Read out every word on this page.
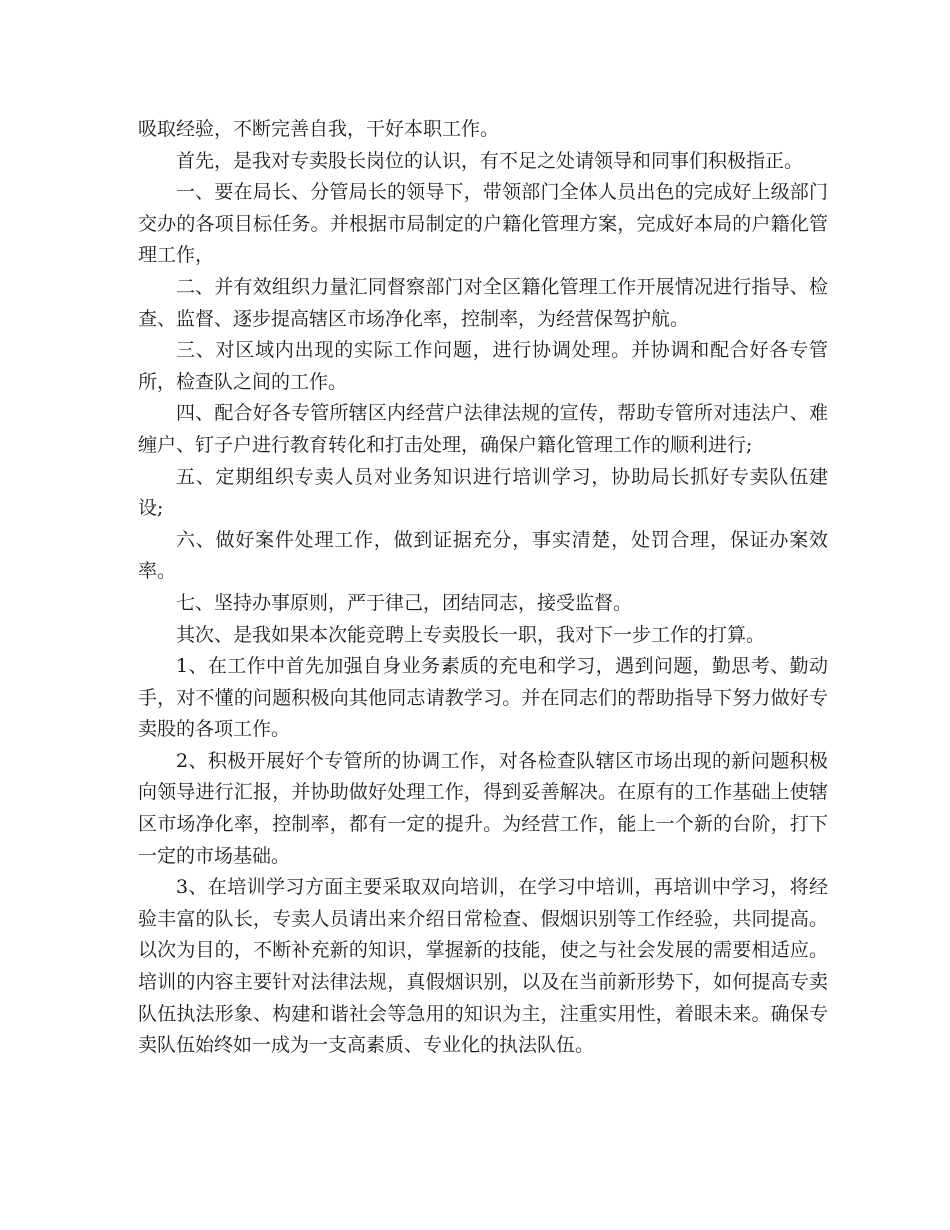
吸取经验，不断完善自我，干好本职工作。

首先，是我对专卖股长岗位的认识，有不足之处请领导和同事们积极指正。

一、要在局长、分管局长的领导下，带领部门全体人员出色的完成好上级部门交办的各项目标任务。并根据市局制定的户籍化管理方案，完成好本局的户籍化管理工作，

二、并有效组织力量汇同督察部门对全区籍化管理工作开展情况进行指导、检查、监督、逐步提高辖区市场净化率，控制率，为经营保驾护航。

三、对区域内出现的实际工作问题，进行协调处理。并协调和配合好各专管所，检查队之间的工作。

四、配合好各专管所辖区内经营户法律法规的宣传，帮助专管所对违法户、难缠户、钉子户进行教育转化和打击处理，确保户籍化管理工作的顺利进行;

五、定期组织专卖人员对业务知识进行培训学习，协助局长抓好专卖队伍建设;

六、做好案件处理工作，做到证据充分，事实清楚，处罚合理，保证办案效率。

七、坚持办事原则，严于律己，团结同志，接受监督。

其次、是我如果本次能竞聘上专卖股长一职，我对下一步工作的打算。

1、在工作中首先加强自身业务素质的充电和学习，遇到问题，勤思考、勤动手，对不懂的问题积极向其他同志请教学习。并在同志们的帮助指导下努力做好专卖股的各项工作。

2、积极开展好个专管所的协调工作，对各检查队辖区市场出现的新问题积极向领导进行汇报，并协助做好处理工作，得到妥善解决。在原有的工作基础上使辖区市场净化率，控制率，都有一定的提升。为经营工作，能上一个新的台阶，打下一定的市场基础。

3、在培训学习方面主要采取双向培训，在学习中培训，再培训中学习，将经验丰富的队长，专卖人员请出来介绍日常检查、假烟识别等工作经验，共同提高。以次为目的，不断补充新的知识，掌握新的技能，使之与社会发展的需要相适应。培训的内容主要针对法律法规，真假烟识别，以及在当前新形势下，如何提高专卖队伍执法形象、构建和谐社会等急用的知识为主，注重实用性，着眼未来。确保专卖队伍始终如一成为一支高素质、专业化的执法队伍。
